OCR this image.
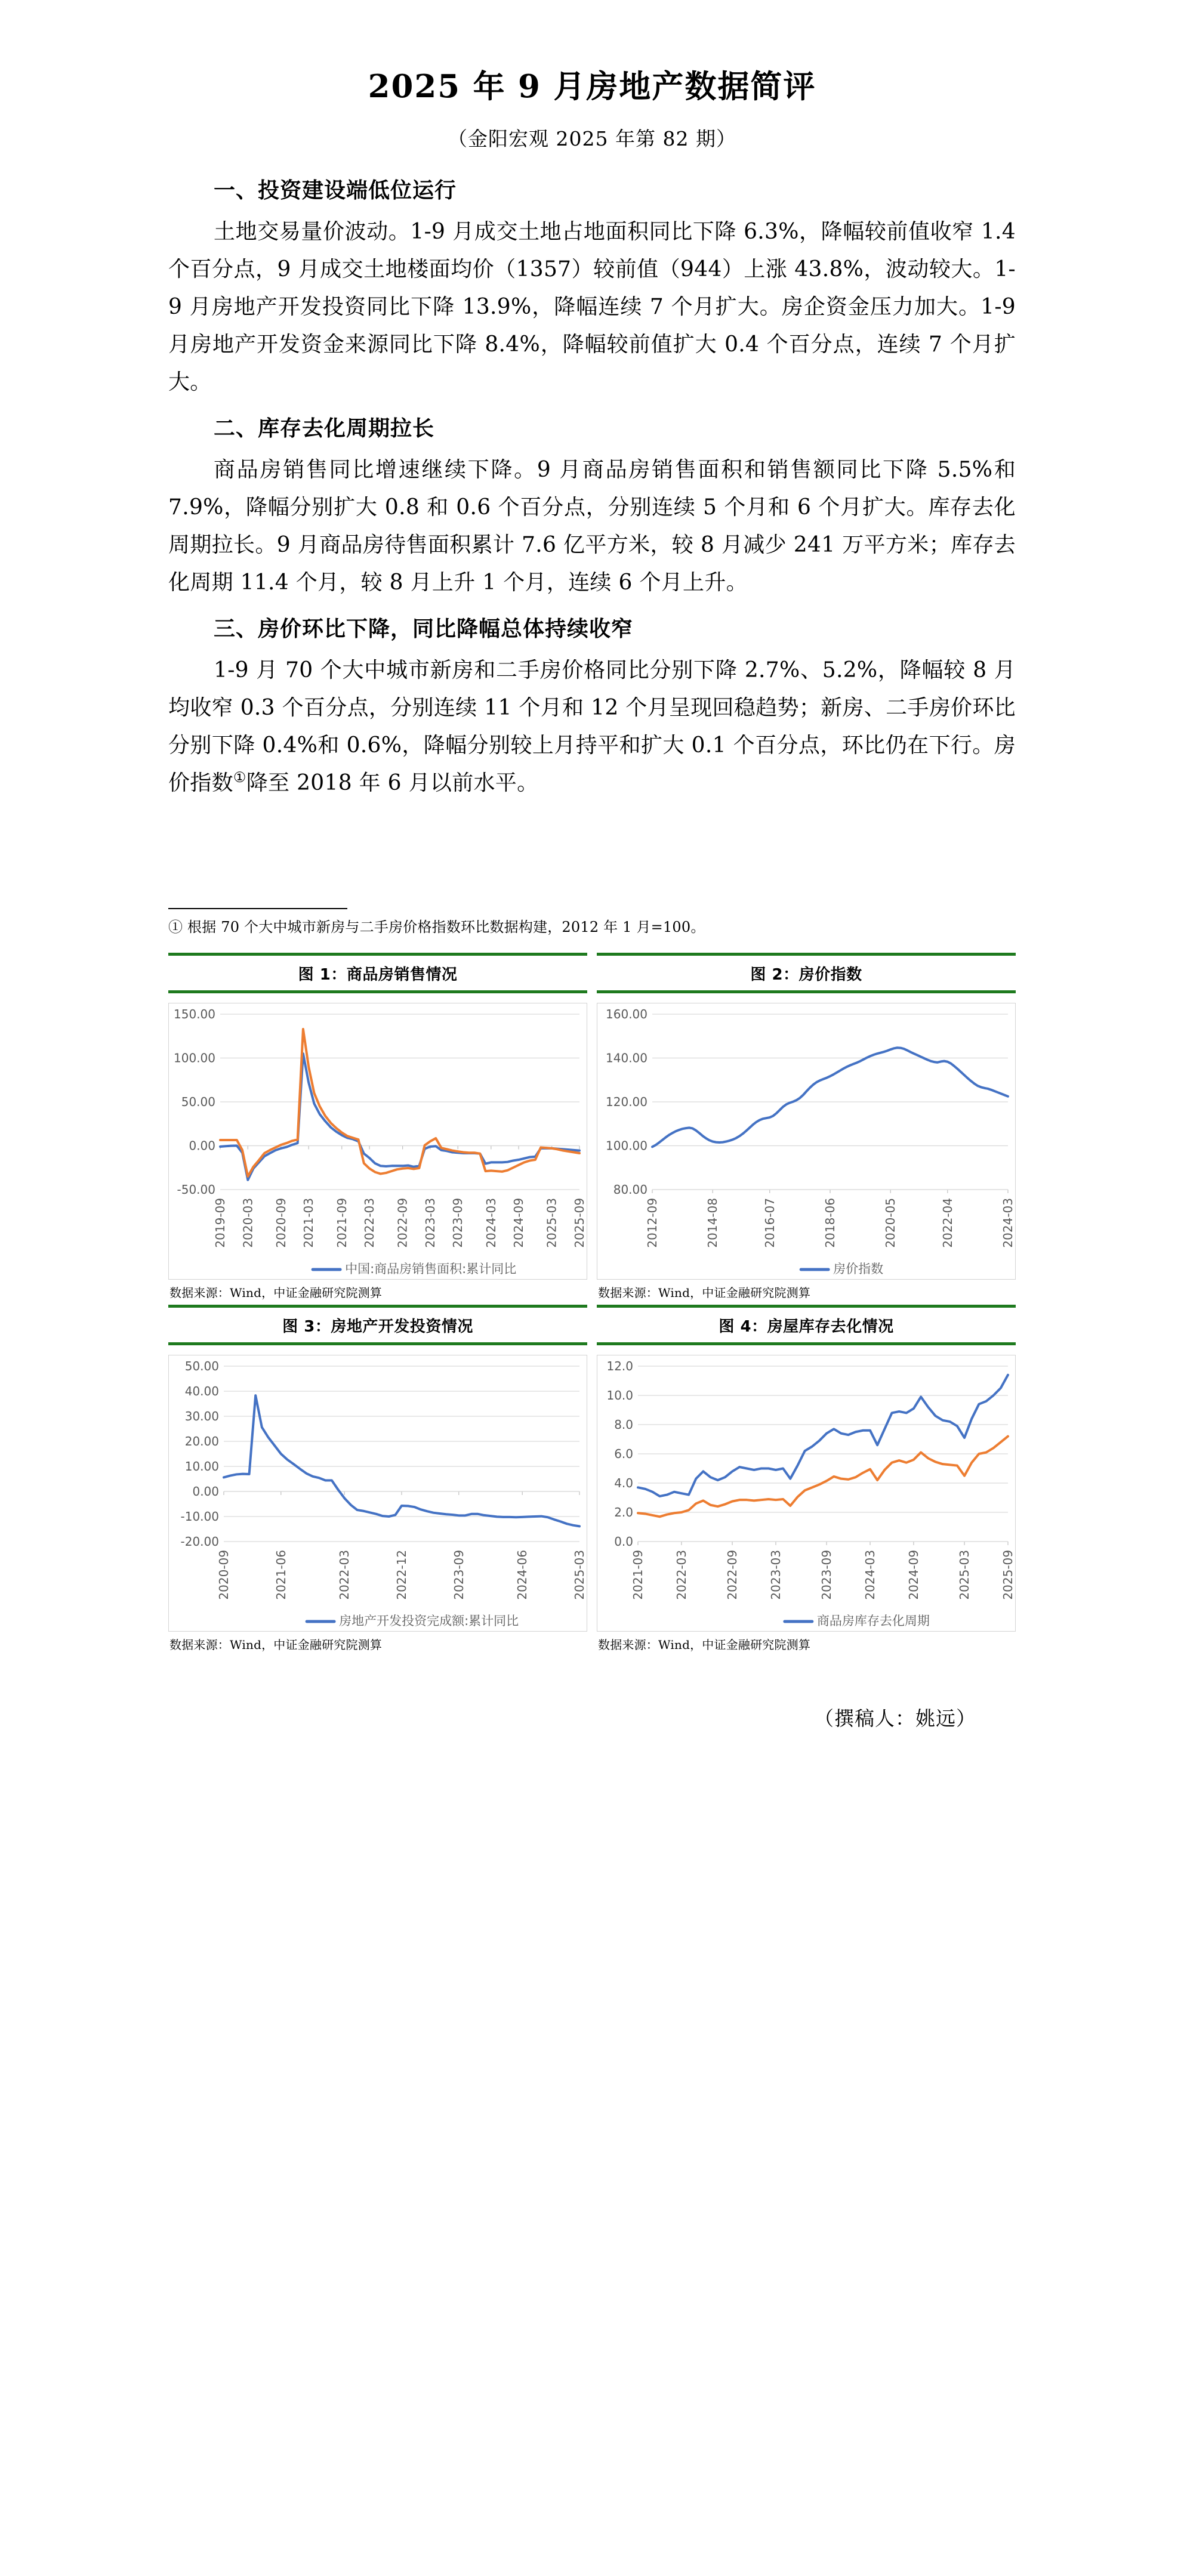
2025 年 9 月房地产数据简评
（金阳宏观 2025 年第 82 期）
一、投资建设端低位运行

土地交易量价波动。1-9 月成交土地占地面积同比下降 6.3%，降幅较前值收窄 1.4 个百分点，9 月成交土地楼面均价（1357）较前值（944）上涨 43.8%，波动较大。1-9 月房地产开发投资同比下降 13.9%，降幅连续 7 个月扩大。房企资金压力加大。1-9 月房地产开发资金来源同比下降 8.4%，降幅较前值扩大 0.4 个百分点，连续 7 个月扩大。

二、库存去化周期拉长

商品房销售同比增速继续下降。9 月商品房销售面积和销售额同比下降 5.5%和 7.9%，降幅分别扩大 0.8 和 0.6 个百分点，分别连续 5 个月和 6 个月扩大。库存去化周期拉长。9 月商品房待售面积累计 7.6 亿平方米，较 8 月减少 241 万平方米；库存去化周期 11.4 个月，较 8 月上升 1 个月，连续 6 个月上升。

三、房价环比下降，同比降幅总体持续收窄

1-9 月 70 个大中城市新房和二手房价格同比分别下降 2.7%、5.2%，降幅较 8 月均收窄 0.3 个百分点，分别连续 11 个月和 12 个月呈现回稳趋势；新房、二手房价环比分别下降 0.4%和 0.6%，降幅分别较上月持平和扩大 0.1 个百分点，环比仍在下行。房价指数①降至 2018 年 6 月以前水平。

① 根据 70 个大中城市新房与二手房价格指数环比数据构建，2012 年 1 月=100。
图 1：商品房销售情况
-50.00
0.00
50.00
100.00
150.00
2019-09 2020-03 2020-09 2021-03 2021-09 2022-03 2022-09 2023-03 2023-09 2024-03 2024-09 2025-03 2025-09
中国:商品房销售面积:累计同比
数据来源：Wind，中证金融研究院测算
图 2：房价指数
80.00
100.00
120.00
140.00
160.00
2012-09	2014-08	2016-07	2018-06	2020-05	2022-04	2024-03
房价指数
数据来源：Wind，中证金融研究院测算
图 3：房地产开发投资情况
-20.00
-10.00
0.00
10.00
20.00
30.00
40.00
50.00
2020-09	2021-06	2022-03	2022-12	2023-09	2024-06	2025-03
房地产开发投资完成额:累计同比
数据来源：Wind，中证金融研究院测算
图 4：房屋库存去化情况
0.0
2.0
4.0
6.0
8.0
10.0
12.0
2021-09 2022-03	2022-09 2023-03	2023-09 2024-03 2024-09	2025-03 2025-09
商品房库存去化周期
数据来源：Wind，中证金融研究院测算
（撰稿人：姚远）
